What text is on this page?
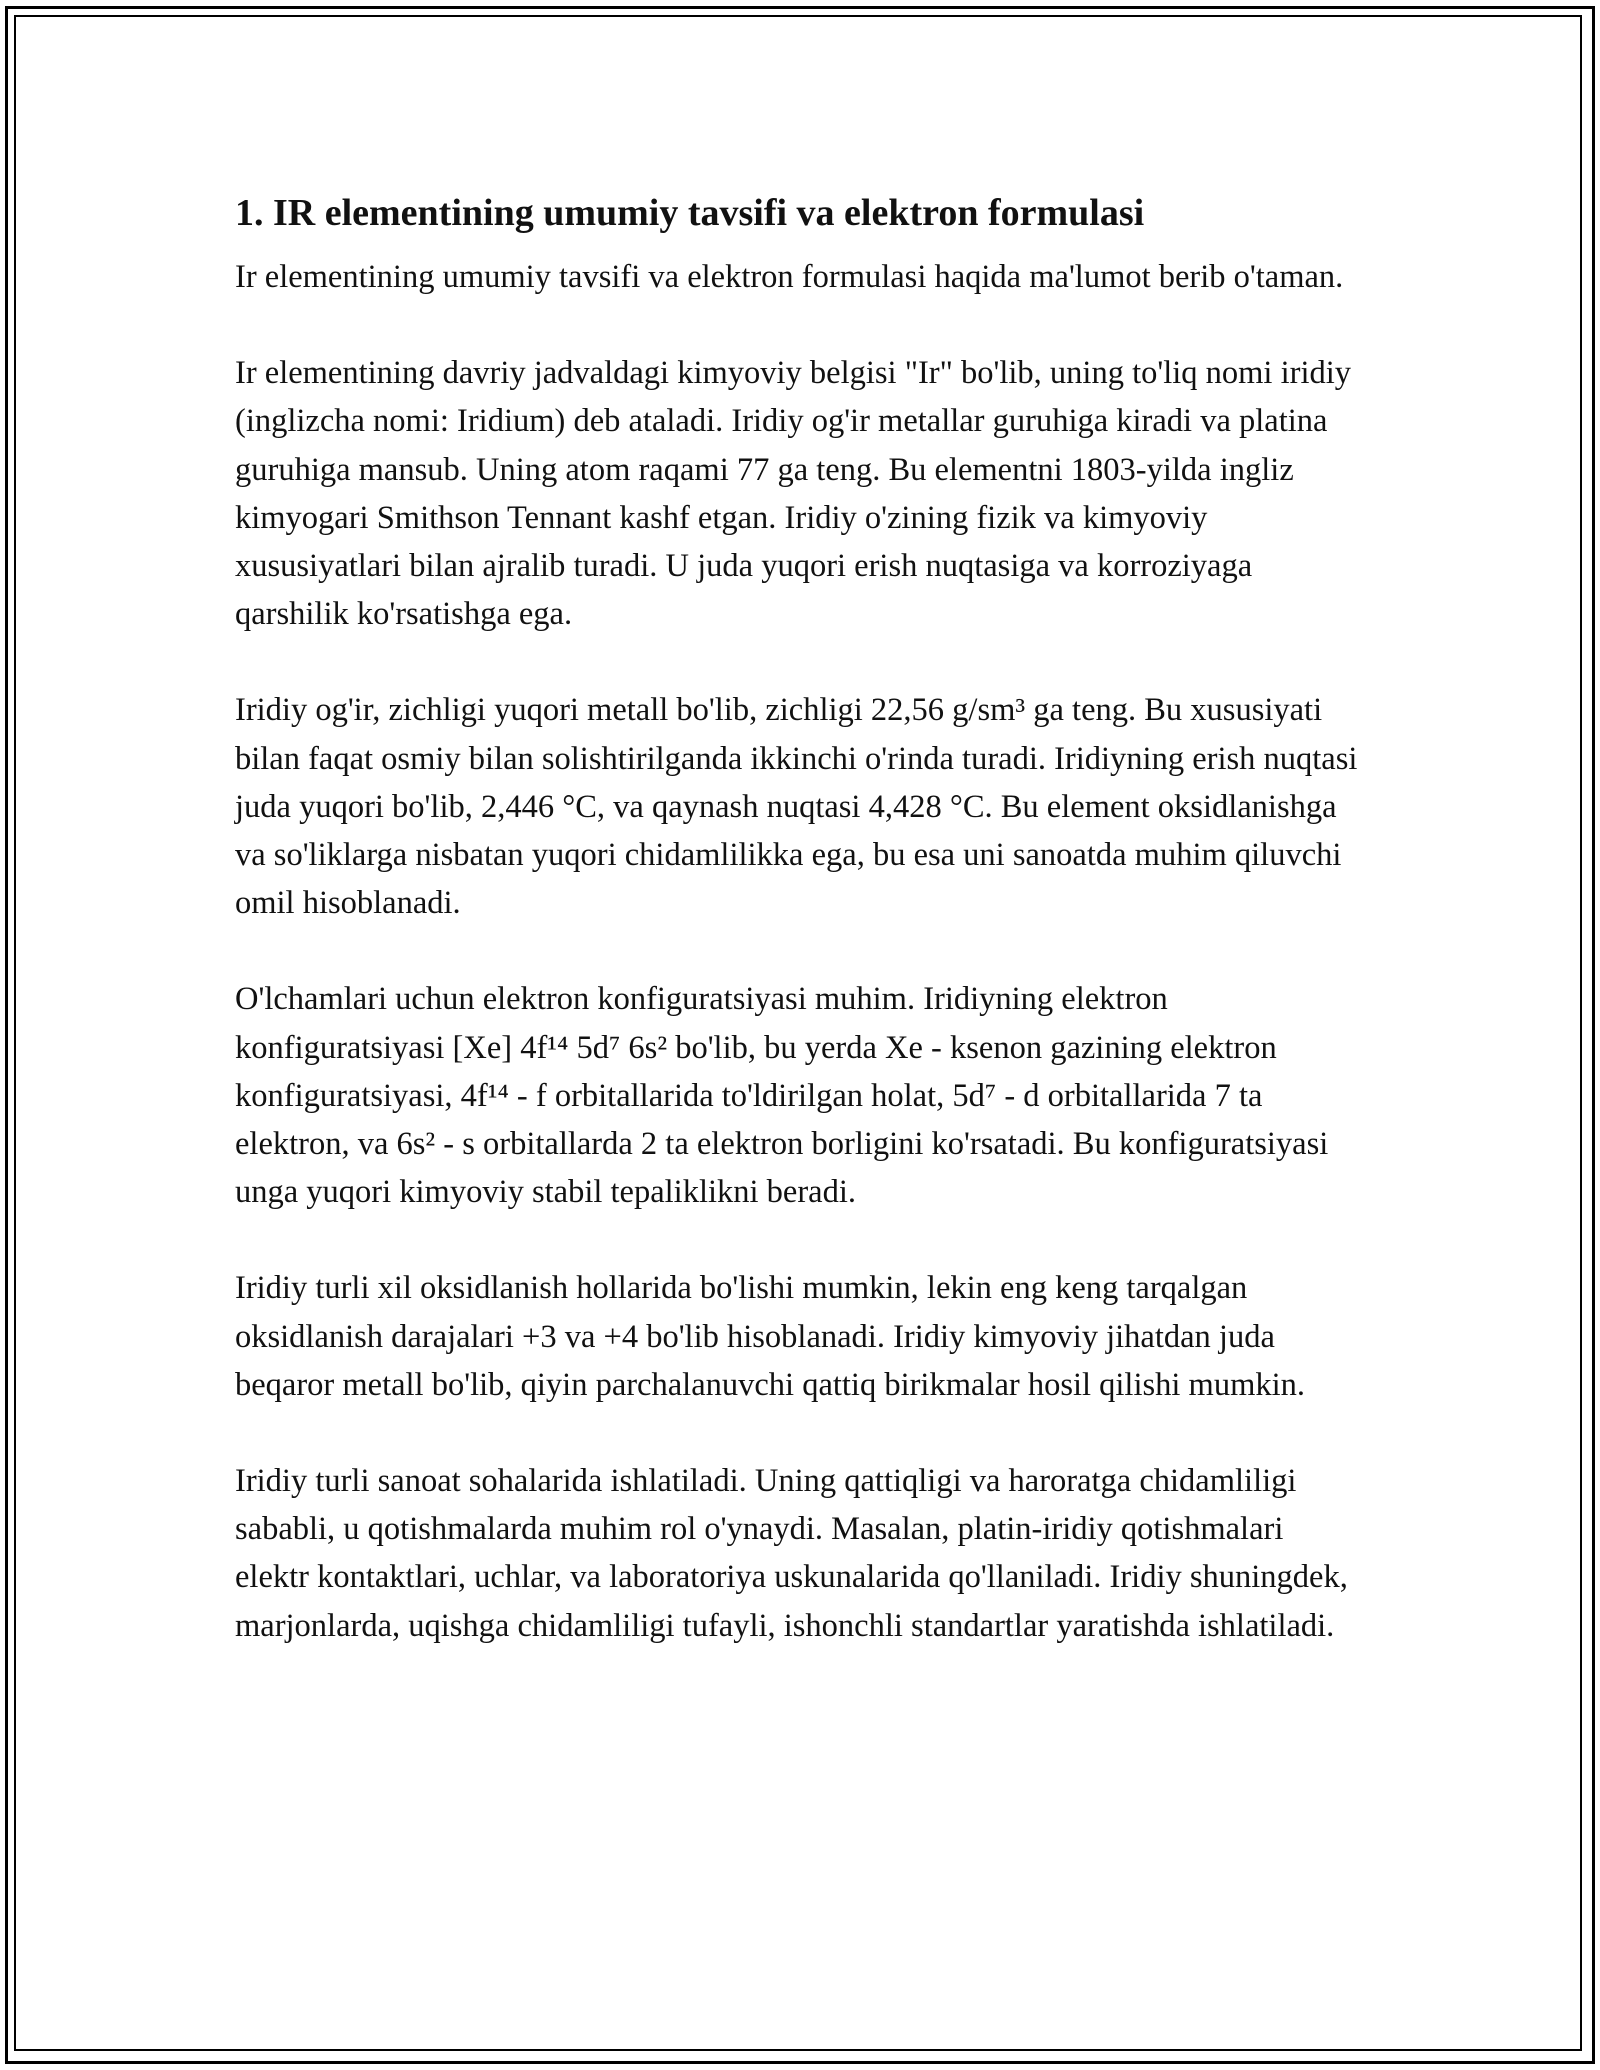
1. IR elementining umumiy tavsifi va elektron formulasi

Ir elementining umumiy tavsifi va elektron formulasi haqida ma'lumot berib o'taman.

Ir elementining davriy jadvaldagi kimyoviy belgisi "Ir" bo'lib, uning to'liq nomi iridiy (inglizcha nomi: Iridium) deb ataladi. Iridiy og'ir metallar guruhiga kiradi va platina guruhiga mansub. Uning atom raqami 77 ga teng. Bu elementni 1803-yilda ingliz kimyogari Smithson Tennant kashf etgan. Iridiy o'zining fizik va kimyoviy xususiyatlari bilan ajralib turadi. U juda yuqori erish nuqtasiga va korroziyaga qarshilik ko'rsatishga ega.

Iridiy og'ir, zichligi yuqori metall bo'lib, zichligi 22,56 g/sm³ ga teng. Bu xususiyati bilan faqat osmiy bilan solishtirilganda ikkinchi o'rinda turadi. Iridiyning erish nuqtasi juda yuqori bo'lib, 2,446 °C, va qaynash nuqtasi 4,428 °C. Bu element oksidlanishga va so'liklarga nisbatan yuqori chidamlilikka ega, bu esa uni sanoatda muhim qiluvchi omil hisoblanadi.

O'lchamlari uchun elektron konfiguratsiyasi muhim. Iridiyning elektron konfiguratsiyasi [Xe] 4f¹⁴ 5d⁷ 6s² bo'lib, bu yerda Xe - ksenon gazining elektron konfiguratsiyasi, 4f¹⁴ - f orbitallarida to'ldirilgan holat, 5d⁷ - d orbitallarida 7 ta elektron, va 6s² - s orbitallarda 2 ta elektron borligini ko'rsatadi. Bu konfiguratsiyasi unga yuqori kimyoviy stabil tepaliklikni beradi.

Iridiy turli xil oksidlanish hollarida bo'lishi mumkin, lekin eng keng tarqalgan oksidlanish darajalari +3 va +4 bo'lib hisoblanadi. Iridiy kimyoviy jihatdan juda beqaror metall bo'lib, qiyin parchalanuvchi qattiq birikmalar hosil qilishi mumkin.

Iridiy turli sanoat sohalarida ishlatiladi. Uning qattiqligi va haroratga chidamliligi sababli, u qotishmalarda muhim rol o'ynaydi. Masalan, platin-iridiy qotishmalari elektr kontaktlari, uchlar, va laboratoriya uskunalarida qo'llaniladi. Iridiy shuningdek, marjonlarda, uqishga chidamliligi tufayli, ishonchli standartlar yaratishda ishlatiladi.
